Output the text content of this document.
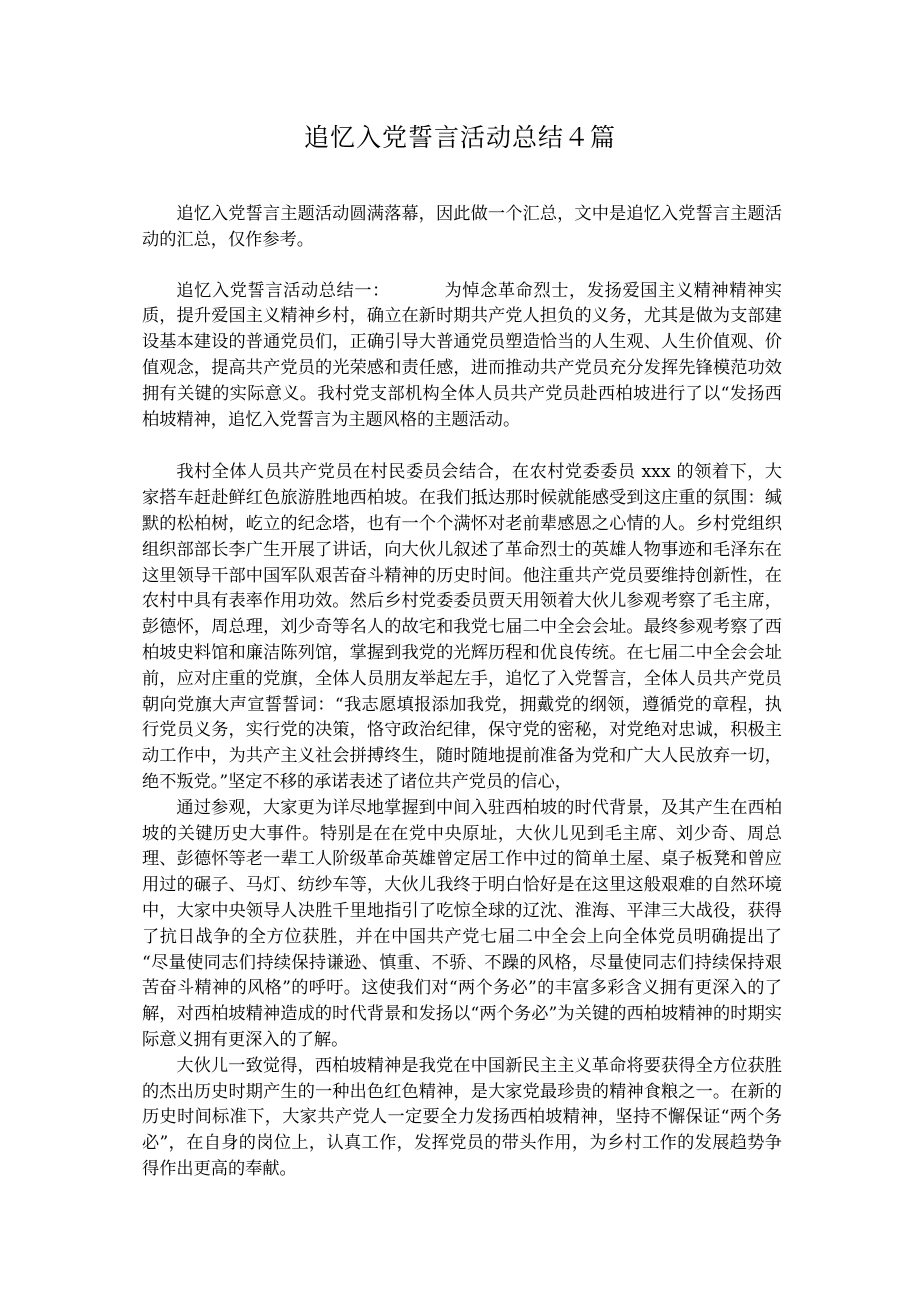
追忆入党誓言活动总结４篇

追忆入党誓言主题活动圆满落幕，因此做一个汇总，文中是追忆入党誓言主题活动的汇总，仅作参考。

追忆入党誓言活动总结一：	为悼念革命烈士，发扬爱国主义精神精神实质，提升爱国主义精神乡村，确立在新时期共产党人担负的义务，尤其是做为支部建设基本建设的普通党员们，正确引导大普通党员塑造恰当的人生观、人生价值观、价值观念，提高共产党员的光荣感和责任感，进而推动共产党员充分发挥先锋模范功效拥有关键的实际意义。我村党支部机构全体人员共产党员赴西柏坡进行了以“发扬西柏坡精神，追忆入党誓言为主题风格的主题活动。

我村全体人员共产党员在村民委员会结合，在农村党委委员 xxx 的领着下，大家搭车赶赴鲜红色旅游胜地西柏坡。在我们抵达那时候就能感受到这庄重的氛围：缄默的松柏树，屹立的纪念塔，也有一个个满怀对老前辈感恩之心情的人。乡村党组织组织部部长李广生开展了讲话，向大伙儿叙述了革命烈士的英雄人物事迹和毛泽东在这里领导干部中国军队艰苦奋斗精神的历史时间。他注重共产党员要维持创新性，在农村中具有表率作用功效。然后乡村党委委员贾天用领着大伙儿参观考察了毛主席，彭德怀，周总理，刘少奇等名人的故宅和我党七届二中全会会址。最终参观考察了西柏坡史料馆和廉洁陈列馆，掌握到我党的光辉历程和优良传统。在七届二中全会会址前，应对庄重的党旗，全体人员朋友举起左手，追忆了入党誓言，全体人员共产党员朝向党旗大声宣誓誓词：“我志愿填报添加我党，拥戴党的纲领，遵循党的章程，执行党员义务，实行党的决策，恪守政治纪律，保守党的密秘，对党绝对忠诚，积极主动工作中，为共产主义社会拼搏终生，随时随地提前准备为党和广大人民放弃一切，绝不叛党。”坚定不移的承诺表述了诸位共产党员的信心，

通过参观，大家更为详尽地掌握到中间入驻西柏坡的时代背景，及其产生在西柏坡的关键历史大事件。特别是在在党中央原址，大伙儿见到毛主席、刘少奇、周总理、彭德怀等老一辈工人阶级革命英雄曾定居工作中过的简单土屋、桌子板凳和曾应用过的碾子、马灯、纺纱车等，大伙儿我终于明白恰好是在这里这般艰难的自然环境中，大家中央领导人决胜千里地指引了吃惊全球的辽沈、淮海、平津三大战役，获得了抗日战争的全方位获胜，并在中国共产党七届二中全会上向全体党员明确提出了 “尽量使同志们持续保持谦逊、慎重、不骄、不躁的风格，尽量使同志们持续保持艰苦奋斗精神的风格”的呼吁。这使我们对“两个务必”的丰富多彩含义拥有更深入的了解，对西柏坡精神造成的时代背景和发扬以“两个务必”为关键的西柏坡精神的时期实际意义拥有更深入的了解。

大伙儿一致觉得，西柏坡精神是我党在中国新民主主义革命将要获得全方位获胜的杰出历史时期产生的一种出色红色精神，是大家党最珍贵的精神食粮之一。在新的历史时间标准下，大家共产党人一定要全力发扬西柏坡精神，坚持不懈保证“两个务必”，在自身的岗位上，认真工作，发挥党员的带头作用，为乡村工作的发展趋势争得作出更高的奉献。
